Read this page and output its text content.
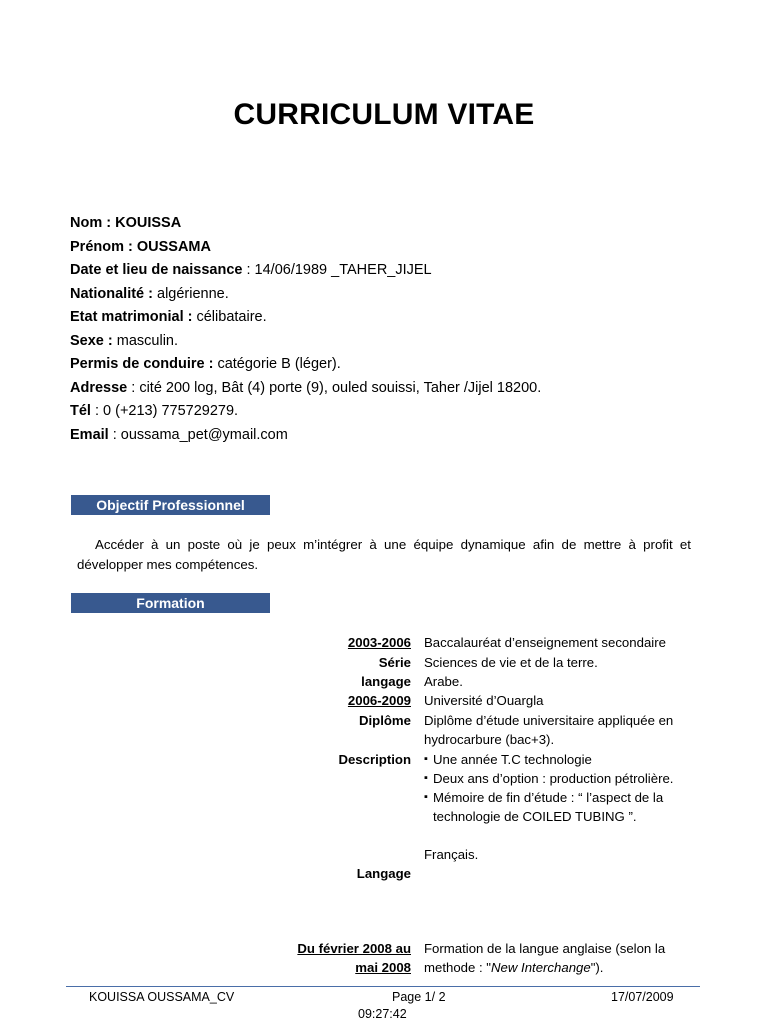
CURRICULUM VITAE
Nom : KOUISSA
Prénom : OUSSAMA
Date et lieu de naissance : 14/06/1989 _TAHER_JIJEL
Nationalité : algérienne.
Etat matrimonial : célibataire.
Sexe : masculin.
Permis de conduire : catégorie B (léger).
Adresse : cité 200 log, Bât (4) porte (9), ouled souissi, Taher /Jijel 18200.
Tél : 0 (+213) 775729279.
Email : oussama_pet@ymail.com
Objectif Professionnel
Accéder à un poste où je peux m’intégrer à une équipe dynamique afin de mettre à profit et développer mes compétences.
Formation
2003-2006 Baccalauréat d’enseignement secondaire
Série Sciences de vie et de la terre.
langage Arabe.
2006-2009 Université d’Ouargla
Diplôme Diplôme d’étude universitaire appliquée en hydrocarbure (bac+3).
Description
▪	Une année T.C technologie
▪ Deux ans d’option : production pétrolière.
▪ Mémoire de fin d’étude : “ l’aspect de la technologie de COILED TUBING ”.
Français.
Langage
Du février 2008 au
mai 2008
Formation de la langue anglaise (selon la methode : "New Interchange").
KOUISSA OUSSAMA_CV	Page 1/ 2
09:27:42
17/07/2009
